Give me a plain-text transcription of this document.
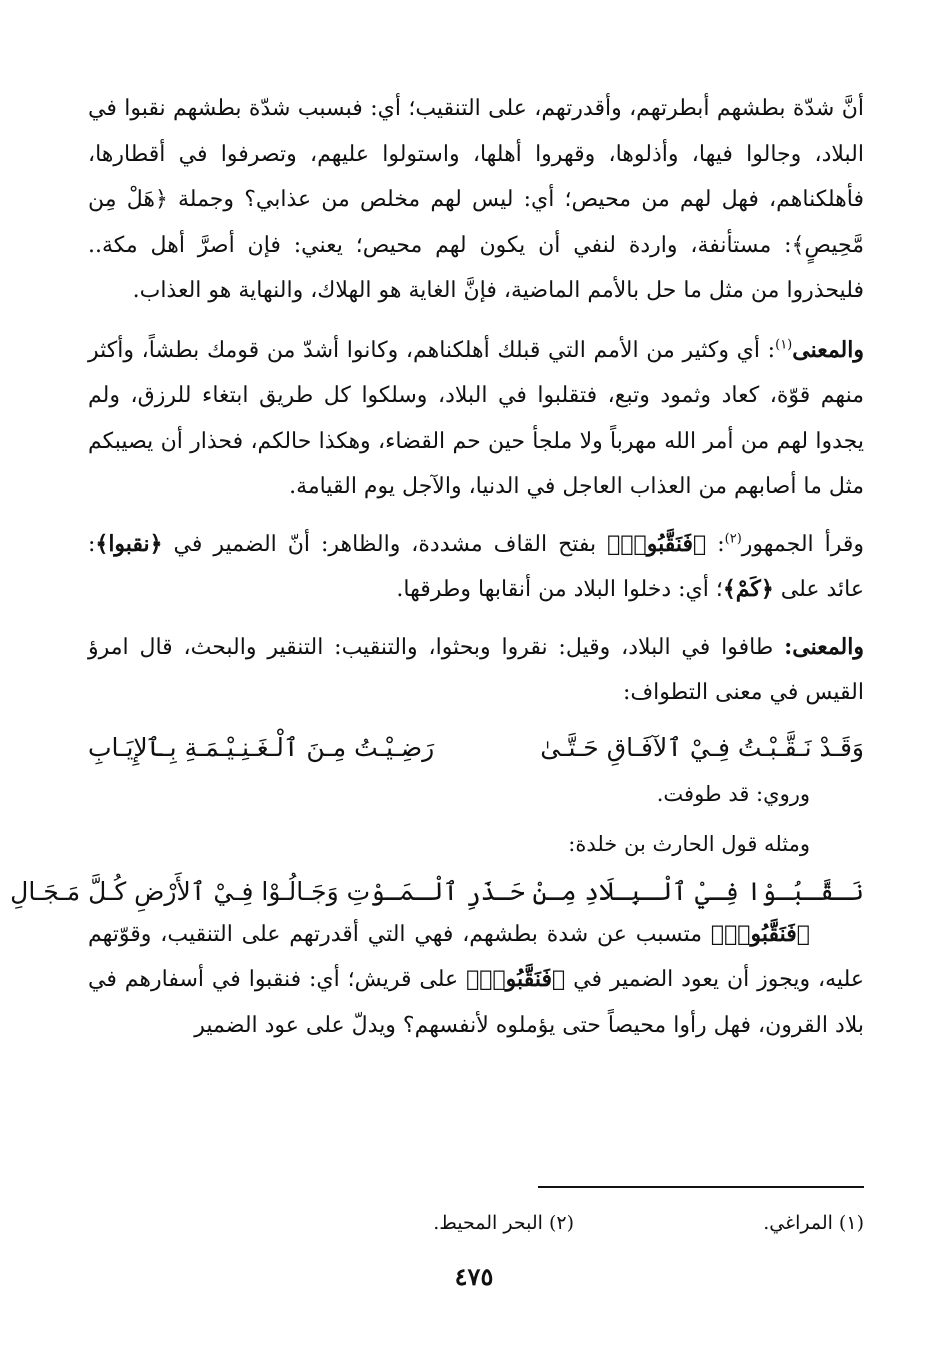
أنَّ شدّة بطشهم أبطرتهم، وأقدرتهم، على التنقيب؛ أي: فبسبب شدّة بطشهم نقبوا في البلاد، وجالوا فيها، وأذلوها، وقهروا أهلها، واستولوا عليهم، وتصرفوا في أقطارها، فأهلكناهم، فهل لهم من محيص؛ أي: ليس لهم مخلص من عذابي؟ وجملة ﴿هَلْ مِن مَّحِيصٍ﴾: مستأنفة، واردة لنفي أن يكون لهم محيص؛ يعني: فإن أصرَّ أهل مكة.. فليحذروا من مثل ما حل بالأمم الماضية، فإنَّ الغاية هو الهلاك، والنهاية هو العذاب.

والمعنى$^{(١)}$: أي وكثير من الأمم التي قبلك أهلكناهم، وكانوا أشدّ من قومك بطشاً، وأكثر منهم قوّة، كعاد وثمود وتبع، فتقلبوا في البلاد، وسلكوا كل طريق ابتغاء للرزق، ولم يجدوا لهم من أمر الله مهرباً ولا ملجأ حين حم القضاء، وهكذا حالكم، فحذار أن يصيبكم مثل ما أصابهم من العذاب العاجل في الدنيا، والآجل يوم القيامة.

وقرأ الجمهور$^{(٢)}$: ﴿فَنَقَّبُوا۟﴾ بفتح القاف مشددة، والظاهر: أنّ الضمير في ﴿نقبوا﴾: عائد على ﴿كَمْ﴾؛ أي: دخلوا البلاد من أنقابها وطرقها.

والمعنى: طافوا في البلاد، وقيل: نقروا وبحثوا، والتنقيب: التنقير والبحث، قال امرؤ القيس في معنى التطواف:

وَقَـدْ نَـقَّـبْـتُ فِـيْ ٱلآفَـاقِ حَـتَّـىٰ
رَضِـيْـتُ مِـنَ ٱلْـغَـنِـيْـمَـةِ بِـٱلإِيَـابِ

وروي: قد طوفت.

ومثله قول الحارث بن خلدة:

نَـقَّـبُـوْا فِـيْ ٱلْـبِـلَادِ مِـنْ حَـذَرِ ٱلْـمَـوْ
تِ وَجَـالُـوْا فِـيْ ٱلأَرْضِ كُـلَّ مَـجَـالِ

﴿فَنَقَّبُوا۟﴾ متسبب عن شدة بطشهم، فهي التي أقدرتهم على التنقيب، وقوّتهم عليه، ويجوز أن يعود الضمير في ﴿فَنَقَّبُوا۟﴾ على قريش؛ أي: فنقبوا في أسفارهم في بلاد القرون، فهل رأوا محيصاً حتى يؤملوه لأنفسهم؟ ويدلّ على عود الضمير

(١) المراغي.
(٢) البحر المحيط.
٤٧٥
